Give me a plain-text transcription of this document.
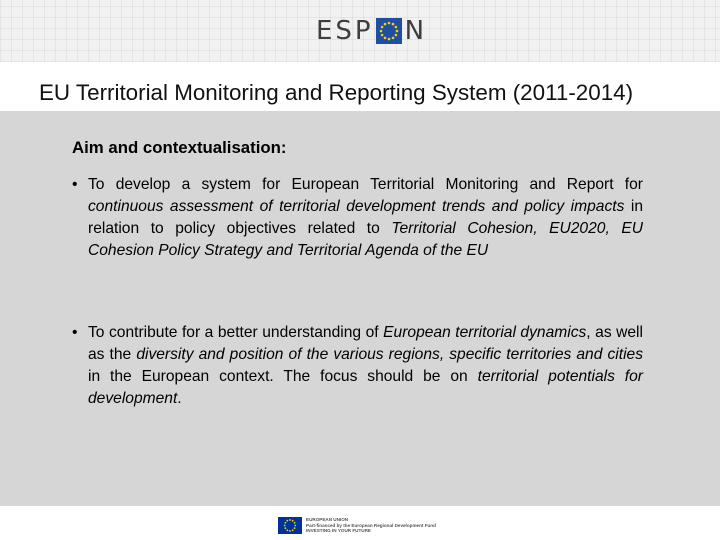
ESP N
EU Territorial Monitoring and Reporting System (2011-2014)
Aim and contextualisation:
• To develop a system for European Territorial Monitoring and Report for continuous assessment of territorial development trends and policy impacts in relation to policy objectives related to Territorial Cohesion, EU2020, EU Cohesion Policy Strategy and Territorial Agenda of the EU
• To contribute for a better understanding of European territorial dynamics, as well as the diversity and position of the various regions, specific territories and cities in the European context. The focus should be on territorial potentials for development.
EUROPEAN UNION
Part-financed by the European Regional Development Fund
INVESTING IN YOUR FUTURE
